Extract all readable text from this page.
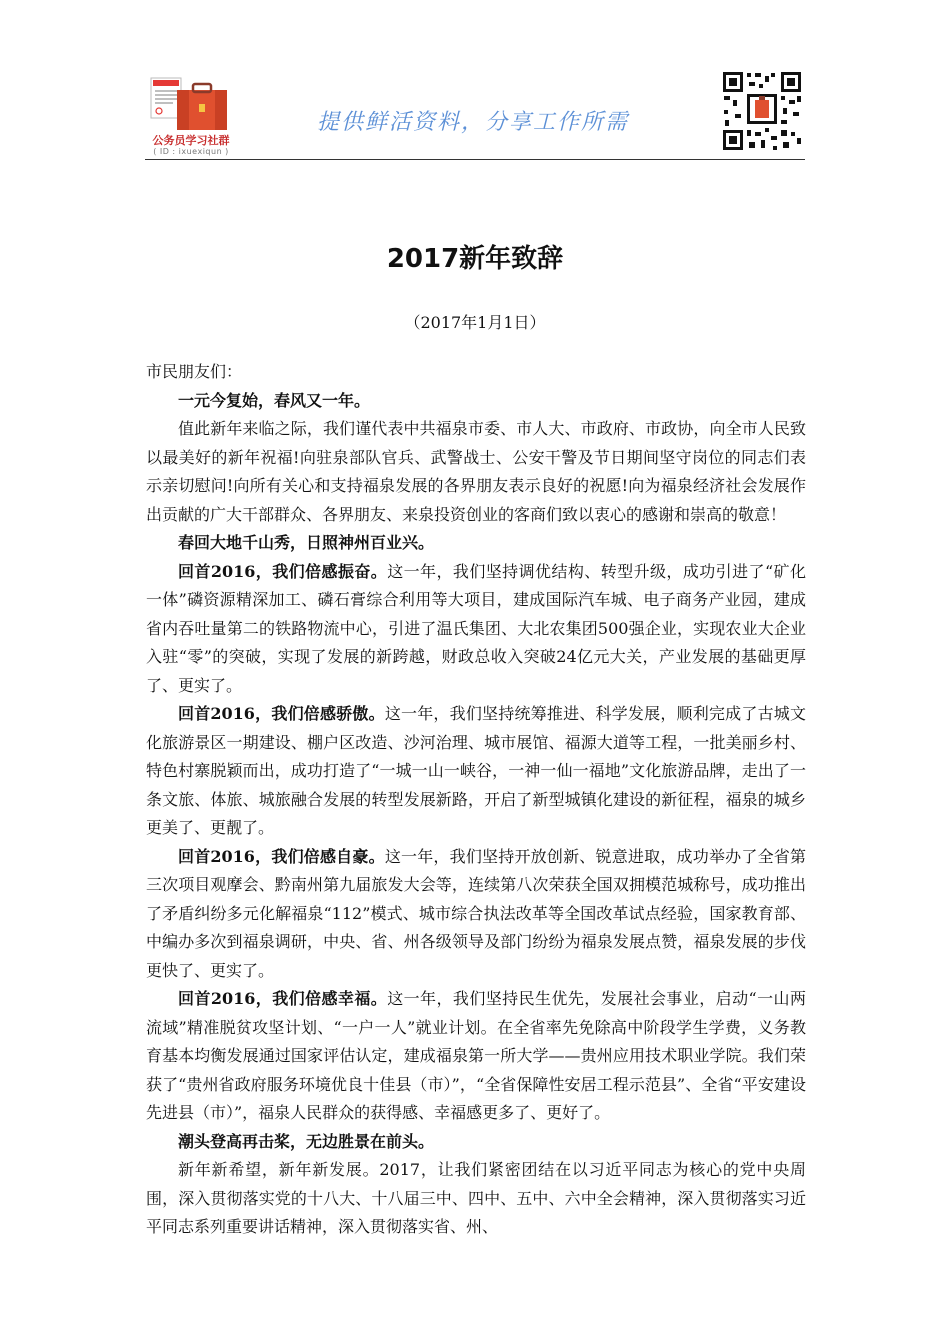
公务员学习社群
( ID : ixuexiqun )
提供鲜活资料，分享工作所需
2017新年致辞
（2017年1月1日）

市民朋友们：

一元今复始，春风又一年。

值此新年来临之际，我们谨代表中共福泉市委、市人大、市政府、市政协，向全市人民致以最美好的新年祝福!向驻泉部队官兵、武警战士、公安干警及节日期间坚守岗位的同志们表示亲切慰问!向所有关心和支持福泉发展的各界朋友表示良好的祝愿!向为福泉经济社会发展作出贡献的广大干部群众、各界朋友、来泉投资创业的客商们致以衷心的感谢和崇高的敬意！

春回大地千山秀，日照神州百业兴。

回首2016，我们倍感振奋。这一年，我们坚持调优结构、转型升级，成功引进了“矿化一体”磷资源精深加工、磷石膏综合利用等大项目，建成国际汽车城、电子商务产业园，建成省内吞吐量第二的铁路物流中心，引进了温氏集团、大北农集团500强企业，实现农业大企业入驻“零”的突破，实现了发展的新跨越，财政总收入突破24亿元大关，产业发展的基础更厚了、更实了。

回首2016，我们倍感骄傲。这一年，我们坚持统筹推进、科学发展，顺利完成了古城文化旅游景区一期建设、棚户区改造、沙河治理、城市展馆、福源大道等工程，一批美丽乡村、特色村寨脱颖而出，成功打造了“一城一山一峡谷，一神一仙一福地”文化旅游品牌，走出了一条文旅、体旅、城旅融合发展的转型发展新路，开启了新型城镇化建设的新征程，福泉的城乡更美了、更靓了。

回首2016，我们倍感自豪。这一年，我们坚持开放创新、锐意进取，成功举办了全省第三次项目观摩会、黔南州第九届旅发大会等，连续第八次荣获全国双拥模范城称号，成功推出了矛盾纠纷多元化解福泉“112”模式、城市综合执法改革等全国改革试点经验，国家教育部、中编办多次到福泉调研，中央、省、州各级领导及部门纷纷为福泉发展点赞，福泉发展的步伐更快了、更实了。

回首2016，我们倍感幸福。这一年，我们坚持民生优先，发展社会事业，启动“一山两流域”精准脱贫攻坚计划、“一户一人”就业计划。在全省率先免除高中阶段学生学费，义务教育基本均衡发展通过国家评估认定，建成福泉第一所大学——贵州应用技术职业学院。我们荣获了“贵州省政府服务环境优良十佳县（市）”，“全省保障性安居工程示范县”、全省“平安建设先进县（市）”，福泉人民群众的获得感、幸福感更多了、更好了。

潮头登高再击桨，无边胜景在前头。

新年新希望，新年新发展。2017，让我们紧密团结在以习近平同志为核心的党中央周围，深入贯彻落实党的十八大、十八届三中、四中、五中、六中全会精神，深入贯彻落实习近平同志系列重要讲话精神，深入贯彻落实省、州、
